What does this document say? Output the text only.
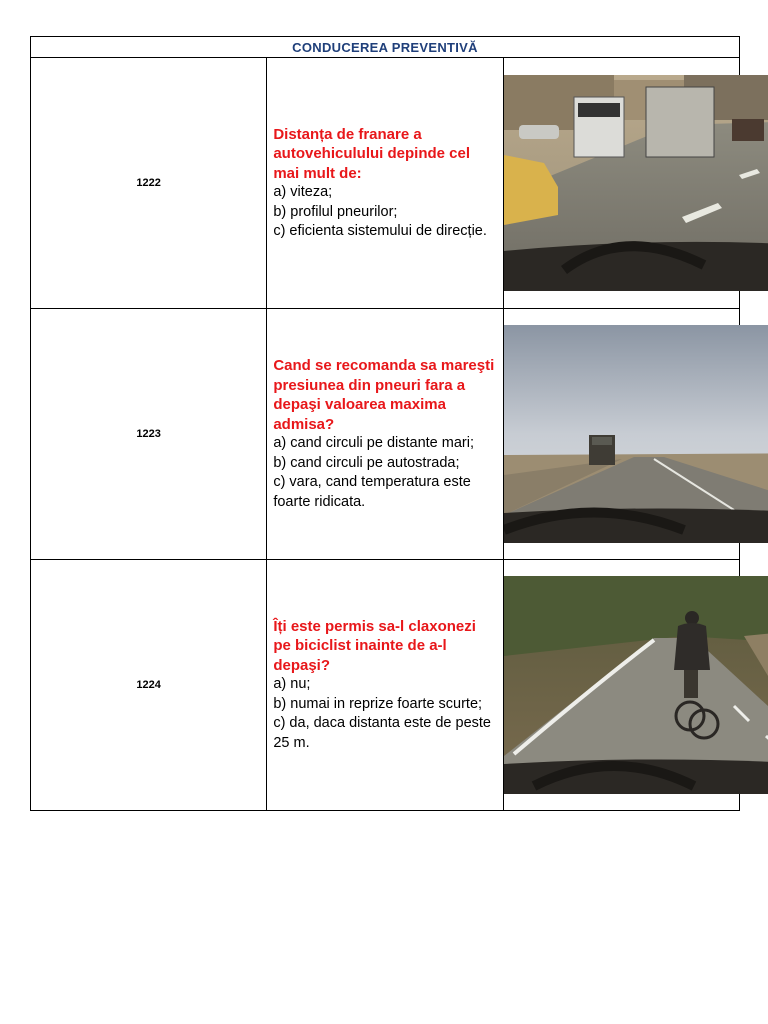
CONDUCEREA PREVENTIVĂ		
1222	Distanța de franare a autovehiculului depinde cel mai mult de:
a) viteza;
b) profilul pneurilor;
c) eficienta sistemului de direcție.

1223	Cand se recomanda sa mareşti presiunea din pneuri fara a depaşi valoarea maxima admisa?
a) cand circuli pe distante mari;
b) cand circuli pe autostrada;
c) vara, cand temperatura este foarte ridicata.

1224	Îți este permis sa-l claxonezi pe biciclist inainte de a-l depaşi?
a) nu;
b) numai in reprize foarte scurte;
c) da, daca distanta este de peste 25 m.
